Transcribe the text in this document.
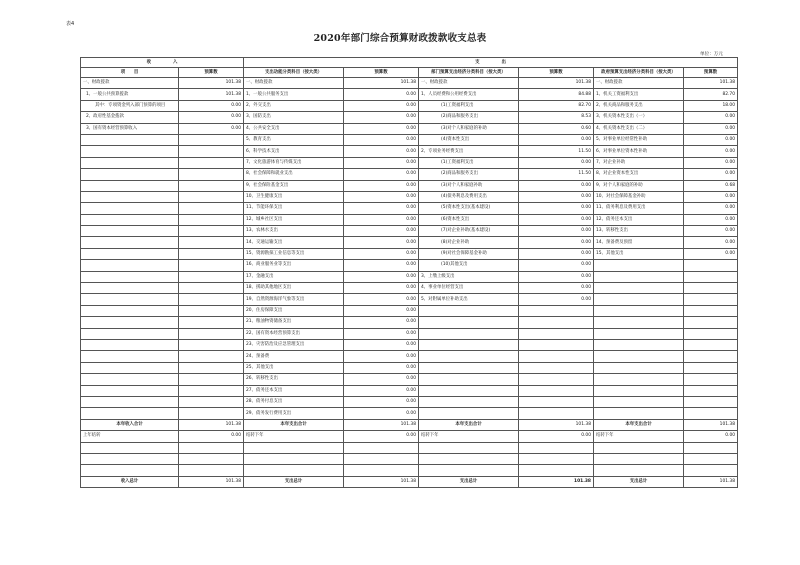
表4
2020年部门综合预算财政拨款收支总表
单位：万元
收　　　　　入		支　　　　　出					
项　　目	预算数	支出功能分类科目（按大类）	预算数	部门预算支出经济分类科目（按大类）	预算数	政府预算支出经济分类科目（按大类）	预算数
一、财政拨款	101.38	一、财政拨款	101.38	一、财政拨款	101.38	一、财政拨款	101.38
1、一般公共预算拨款	101.38	1、一般公共服务支出	0.00	1、人员经费和公用经费支出	84.88	1、机关工资福利支出	82.70
其中：专项资金列入部门预算的项目	0.00	2、外交支出	0.00	(1)工资福利支出	82.70	2、机关商品和服务支出	18.00
2、政府性基金拨款	0.00	3、国防支出	0.00	(2)商品和服务支出	8.53	3、机关资本性支出（一）	0.00
3、国有资本经营预算收入	0.00	4、公共安全支出	0.00	(3)对个人和家庭的补助	0.60	4、机关资本性支出（二）	0.00
		5、教育支出	0.00	(4)资本性支出	0.00	5、对事业单位经常性补助	0.00
		6、科学技术支出	0.00	2、专项业务经费支出	11.50	6、对事业单位资本性补助	0.00
		7、文化旅游体育与传媒支出	0.00	(1)工资福利支出	0.00	7、对企业补助	0.00
		8、社会保障和就业支出	0.00	(2)商品和服务支出	11.50	8、对企业资本性支出	0.00
		9、社会保险基金支出	0.00	(3)对个人和家庭补助	0.00	9、对个人和家庭的补助	0.68
		10、卫生健康支出	0.00	(4)债务利息及费用支出	0.00	10、对社会保障基金补助	0.00
		11、节能环保支出	0.00	(5)资本性支出(基本建设)	0.00	11、债务利息及费用支出	0.00
		12、城乡社区支出	0.00	(6)资本性支出	0.00	12、债务还本支出	0.00
		13、农林水支出	0.00	(7)对企业补助(基本建设)	0.00	13、转移性支出	0.00
		14、交通运输支出	0.00	(8)对企业补助	0.00	14、预备费及预留	0.00
		15、资源勘探工业信息等支出	0.00	(9)对社会保障基金补助	0.00	15、其他支出	0.00
		16、商业服务业等支出	0.00	(10)其他支出	0.00		
		17、金融支出	0.00	3、上缴上级支出	0.00		
		18、援助其他地区支出	0.00	4、事业单位经营支出	0.00		
		19、自然资源海洋气象等支出	0.00	5、对附属单位补助支出	0.00		
		20、住房保障支出	0.00				
		21、粮油物资储备支出	0.00				
		22、国有资本经营预算支出	0.00				
		23、灾害防治及应急管理支出	0.00				
		24、预备费	0.00				
		25、其他支出	0.00				
		26、转移性支出	0.00				
		27、债务还本支出	0.00				
		28、债务付息支出	0.00				
		29、债务发行费用支出	0.00				
本年收入合计	101.38	本年支出合计	101.38	本年支出合计	101.38	本年支出合计	101.38
上年结转	0.00	结转下年	0.00	结转下年	0.00	结转下年	0.00

收入总计	101.38	支出总计	101.38	支出总计	101.38	支出总计	101.38
